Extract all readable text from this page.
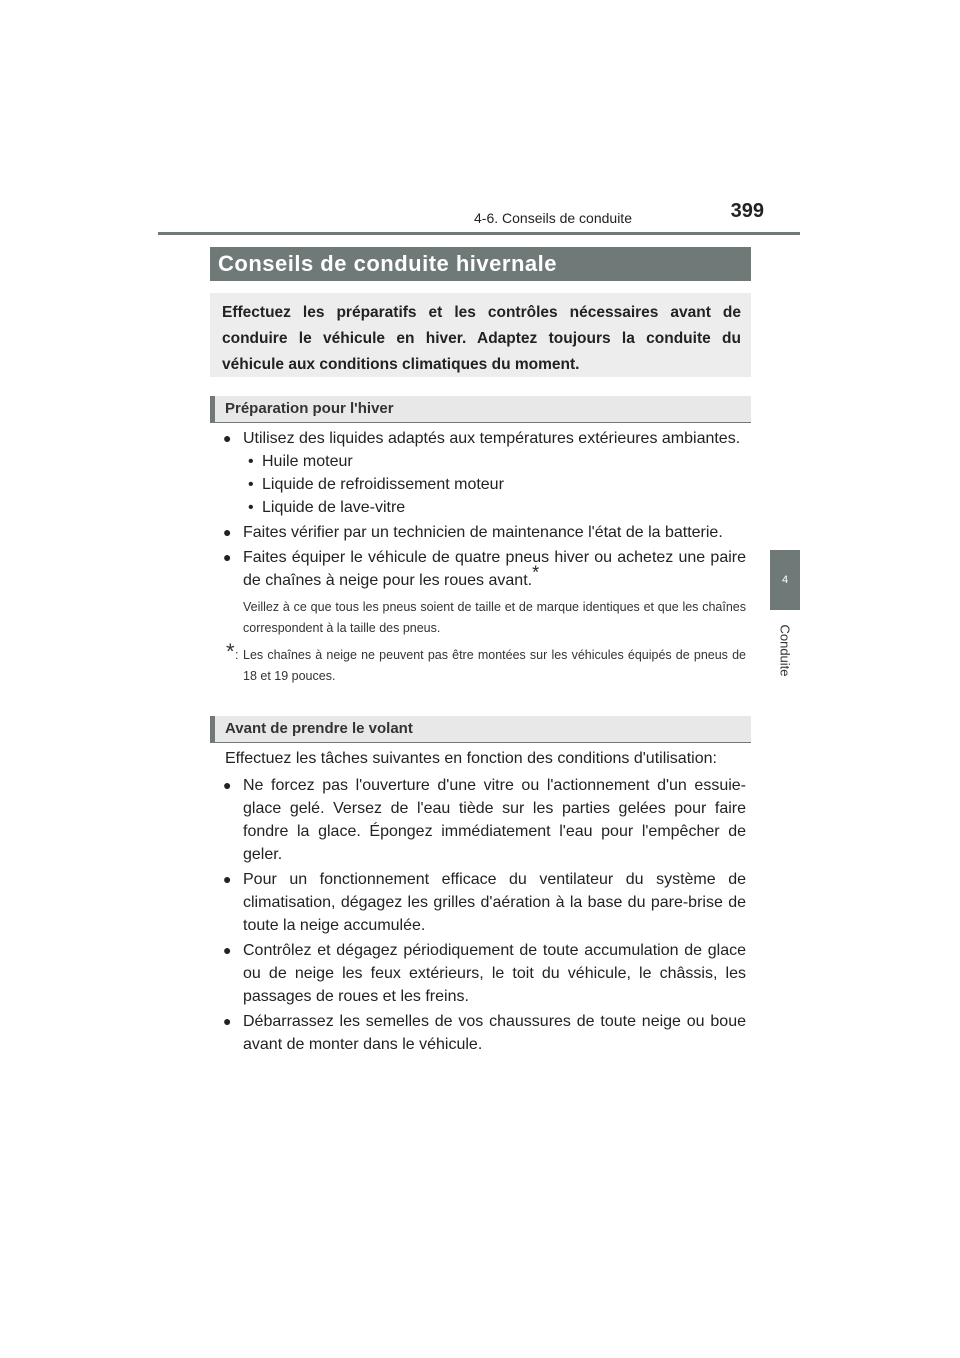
4-6. Conseils de conduite	399
4
Conduite
Conseils de conduite hivernale

Effectuez les préparatifs et les contrôles nécessaires avant de conduire le véhicule en hiver. Adaptez toujours la conduite du véhicule aux conditions climatiques du moment.

Préparation pour l'hiver

● Utilisez des liquides adaptés aux températures extérieures ambiantes.

• Huile moteur

• Liquide de refroidissement moteur

• Liquide de lave-vitre

● Faites vérifier par un technicien de maintenance l'état de la batterie.

● Faites équiper le véhicule de quatre pneus hiver ou achetez une paire de chaînes à neige pour les roues avant.*

Veillez à ce que tous les pneus soient de taille et de marque identiques et que les chaînes correspondent à la taille des pneus.

* : Les chaînes à neige ne peuvent pas être montées sur les véhicules équipés de pneus de 18 et 19 pouces.

Avant de prendre le volant

Effectuez les tâches suivantes en fonction des conditions d'utilisation:

● Ne forcez pas l'ouverture d'une vitre ou l'actionnement d'un essuie-glace gelé. Versez de l'eau tiède sur les parties gelées pour faire fondre la glace. Épongez immédiatement l'eau pour l'empêcher de geler.

● Pour un fonctionnement efficace du ventilateur du système de climatisation, dégagez les grilles d'aération à la base du pare-brise de toute la neige accumulée.

● Contrôlez et dégagez périodiquement de toute accumulation de glace ou de neige les feux extérieurs, le toit du véhicule, le châssis, les passages de roues et les freins.

● Débarrassez les semelles de vos chaussures de toute neige ou boue avant de monter dans le véhicule.
